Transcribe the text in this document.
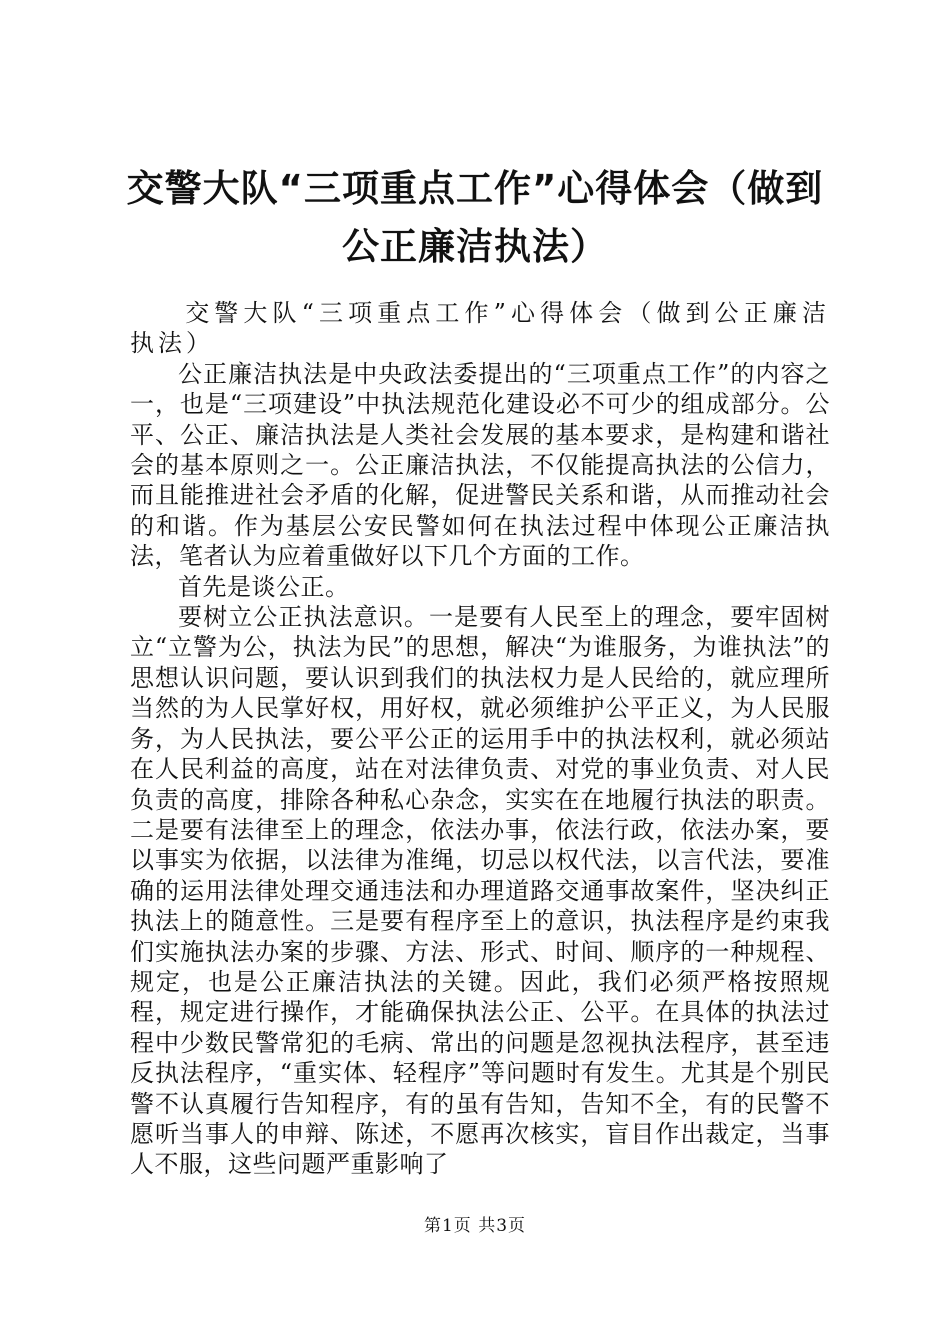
交警大队“三项重点工作”心得体会（做到公正廉洁执法）

交警大队“三项重点工作”心得体会（做到公正廉洁执法）

公正廉洁执法是中央政法委提出的“三项重点工作”的内容之一，也是“三项建设”中执法规范化建设必不可少的组成部分。公平、公正、廉洁执法是人类社会发展的基本要求，是构建和谐社会的基本原则之一。公正廉洁执法，不仅能提高执法的公信力，而且能推进社会矛盾的化解，促进警民关系和谐，从而推动社会的和谐。作为基层公安民警如何在执法过程中体现公正廉洁执法，笔者认为应着重做好以下几个方面的工作。

首先是谈公正。

要树立公正执法意识。一是要有人民至上的理念，要牢固树立“立警为公，执法为民”的思想，解决“为谁服务，为谁执法”的思想认识问题，要认识到我们的执法权力是人民给的，就应理所当然的为人民掌好权，用好权，就必须维护公平正义，为人民服务，为人民执法，要公平公正的运用手中的执法权利，就必须站在人民利益的高度，站在对法律负责、对党的事业负责、对人民负责的高度，排除各种私心杂念，实实在在地履行执法的职责。二是要有法律至上的理念，依法办事，依法行政，依法办案，要以事实为依据，以法律为准绳，切忌以权代法，以言代法，要准确的运用法律处理交通违法和办理道路交通事故案件，坚决纠正执法上的随意性。三是要有程序至上的意识，执法程序是约束我们实施执法办案的步骤、方法、形式、时间、顺序的一种规程、规定，也是公正廉洁执法的关键。因此，我们必须严格按照规程，规定进行操作，才能确保执法公正、公平。在具体的执法过程中少数民警常犯的毛病、常出的问题是忽视执法程序，甚至违反执法程序，“重实体、轻程序”等问题时有发生。尤其是个别民警不认真履行告知程序，有的虽有告知，告知不全，有的民警不愿听当事人的申辩、陈述，不愿再次核实，盲目作出裁定，当事人不服，这些问题严重影响了

第1页 共3页
